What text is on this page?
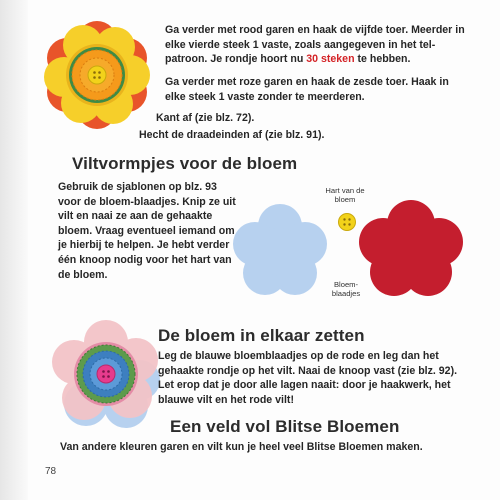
Ga verder met rood garen en haak de vijfde toer. Meerder in elke vierde steek 1 vaste, zoals aangegeven in het tel-patroon. Je rondje hoort nu 30 steken te hebben.

Ga verder met roze garen en haak de zesde toer. Haak in elke steek 1 vaste zonder te meerderen.

Kant af (zie blz. 72).

Hecht de draadeinden af (zie blz. 91).

Viltvormpjes voor de bloem

Gebruik de sjablonen op blz. 93 voor de bloem-blaadjes. Knip ze uit vilt en naai ze aan de gehaakte bloem. Vraag eventueel iemand om je hierbij te helpen. Je hebt verder één knoop nodig voor het hart van de bloem.

Hart van de bloem

Bloem-blaadjes

De bloem in elkaar zetten

Leg de blauwe bloemblaadjes op de rode en leg dan het gehaakte rondje op het vilt. Naai de knoop vast (zie blz. 92). Let erop dat je door alle lagen naait: door je haakwerk, het blauwe vilt en het rode vilt!

Een veld vol Blitse Bloemen

Van andere kleuren garen en vilt kun je heel veel Blitse Bloemen maken.

78
